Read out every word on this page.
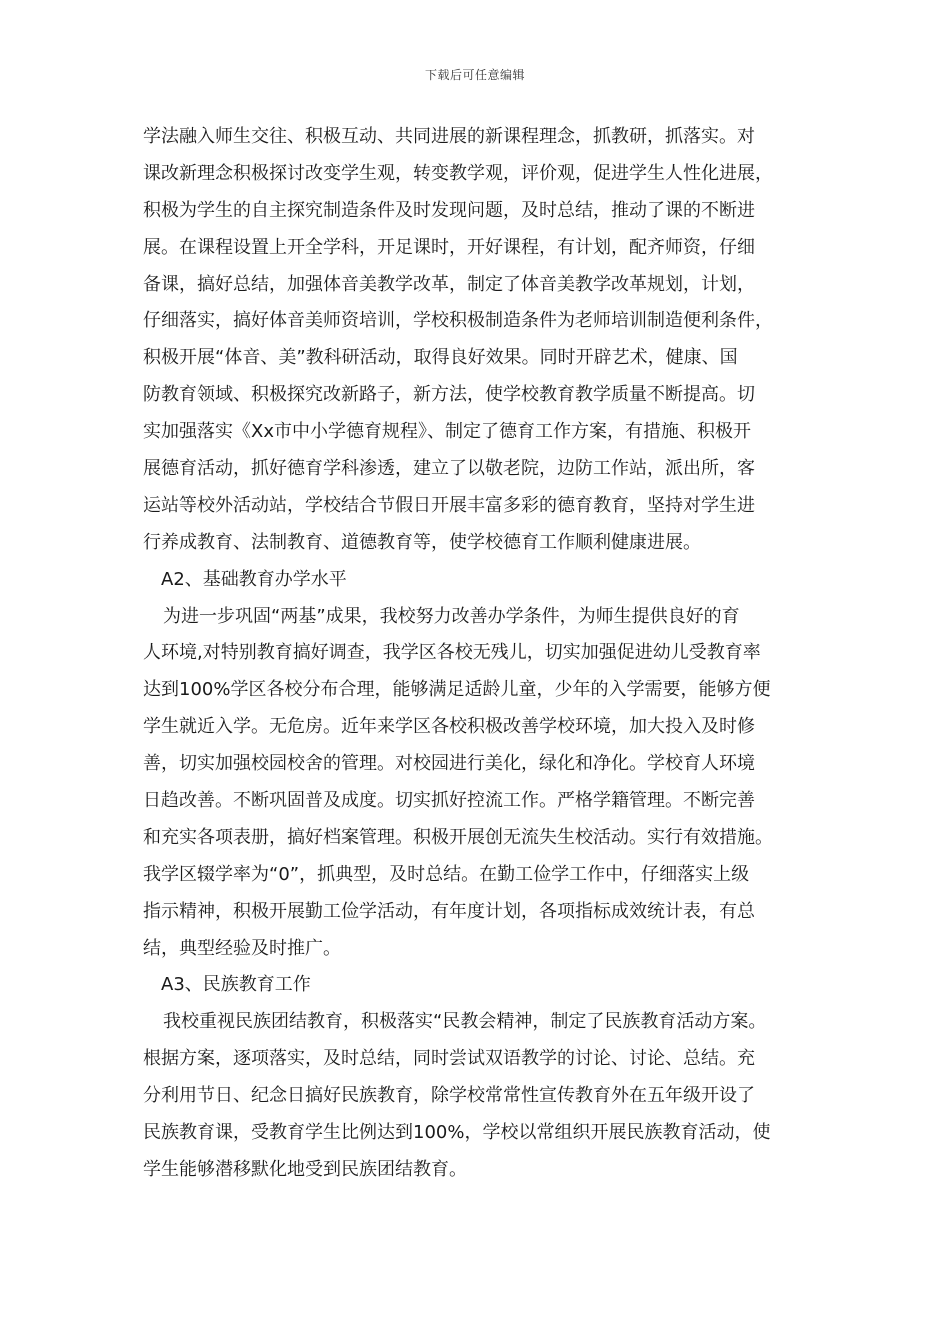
下载后可任意编辑
学法融入师生交往、积极互动、共同进展的新课程理念，抓教研，抓落实。对
课改新理念积极探讨改变学生观，转变教学观，评价观，促进学生人性化进展，
积极为学生的自主探究制造条件及时发现问题，及时总结，推动了课的不断进
展。在课程设置上开全学科，开足课时，开好课程，有计划，配齐师资，仔细
备课，搞好总结，加强体音美教学改革，制定了体音美教学改革规划，计划，
仔细落实，搞好体音美师资培训，学校积极制造条件为老师培训制造便利条件，
积极开展“体音、美”教科研活动，取得良好效果。同时开辟艺术，健康、国
防教育领域、积极探究改新路子，新方法，使学校教育教学质量不断提高。切
实加强落实《Xx市中小学德育规程》、制定了德育工作方案，有措施、积极开
展德育活动，抓好德育学科渗透，建立了以敬老院，边防工作站，派出所，客
运站等校外活动站，学校结合节假日开展丰富多彩的德育教育，坚持对学生进
行养成教育、法制教育、道德教育等，使学校德育工作顺利健康进展。
A2、基础教育办学水平
为进一步巩固“两基”成果，我校努力改善办学条件，为师生提供良好的育
人环境,对特别教育搞好调查，我学区各校无残儿，切实加强促进幼儿受教育率
达到100%学区各校分布合理，能够满足适龄儿童，少年的入学需要，能够方便
学生就近入学。无危房。近年来学区各校积极改善学校环境，加大投入及时修
善，切实加强校园校舍的管理。对校园进行美化，绿化和净化。学校育人环境
日趋改善。不断巩固普及成度。切实抓好控流工作。严格学籍管理。不断完善
和充实各项表册，搞好档案管理。积极开展创无流失生校活动。实行有效措施。
我学区辍学率为“0”，抓典型，及时总结。在勤工俭学工作中，仔细落实上级
指示精神，积极开展勤工俭学活动，有年度计划，各项指标成效统计表，有总
结，典型经验及时推广。
A3、民族教育工作
我校重视民族团结教育，积极落实“民教会精神，制定了民族教育活动方案。
根据方案，逐项落实，及时总结，同时尝试双语教学的讨论、讨论、总结。充
分利用节日、纪念日搞好民族教育，除学校常常性宣传教育外在五年级开设了
民族教育课，受教育学生比例达到100%，学校以常组织开展民族教育活动，使
学生能够潜移默化地受到民族团结教育。
